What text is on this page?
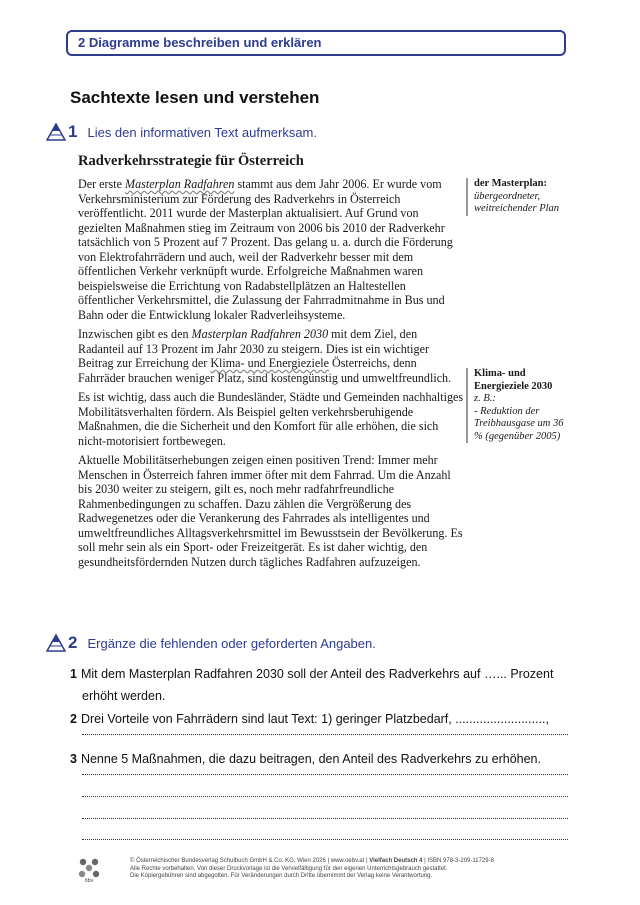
2 Diagramme beschreiben und erklären
Sachtexte lesen und verstehen
1 Lies den informativen Text aufmerksam.
Radverkehrsstrategie für Österreich

Der erste Masterplan Radfahren stammt aus dem Jahr 2006. Er wurde vom Verkehrsministerium zur Förderung des Radverkehrs in Österreich veröffentlicht. 2011 wurde der Masterplan aktualisiert. Auf Grund von gezielten Maßnahmen stieg im Zeitraum von 2006 bis 2010 der Radverkehr tatsächlich von 5 Prozent auf 7 Prozent. Das gelang u. a. durch die Förderung von Elektrofahrrädern und auch, weil der Radverkehr besser mit dem öffentlichen Verkehr verknüpft wurde. Erfolgreiche Maßnahmen waren beispielsweise die Errichtung von Radabstellplätzen an Haltestellen öffentlicher Verkehrsmittel, die Zulassung der Fahrradmitnahme in Bus und Bahn oder die Entwicklung lokaler Radverleihsysteme.

Inzwischen gibt es den Masterplan Radfahren 2030 mit dem Ziel, den Radanteil auf 13 Prozent im Jahr 2030 zu steigern. Dies ist ein wichtiger Beitrag zur Erreichung der Klima- und Energieziele Österreichs, denn Fahrräder brauchen weniger Platz, sind kostengünstig und umweltfreundlich.

Es ist wichtig, dass auch die Bundesländer, Städte und Gemeinden nachhaltiges Mobilitätsverhalten fördern. Als Beispiel gelten verkehrsberuhigende Maßnahmen, die die Sicherheit und den Komfort für alle erhöhen, die sich nicht-motorisiert fortbewegen.

Aktuelle Mobilitätserhebungen zeigen einen positiven Trend: Immer mehr Menschen in Österreich fahren immer öfter mit dem Fahrrad. Um die Anzahl bis 2030 weiter zu steigern, gilt es, noch mehr radfahrfreundliche Rahmenbedingungen zu schaffen. Dazu zählen die Vergrößerung des Radwegenetzes oder die Verankerung des Fahrrades als intelligentes und umweltfreundliches Alltagsverkehrsmittel im Bewusstsein der Bevölkerung. Es soll mehr sein als ein Sport- oder Freizeitgerät. Es ist daher wichtig, den gesundheitsfördernden Nutzen durch tägliches Radfahren aufzuzeigen.

der Masterplan:
übergeordneter, weitreichender Plan
Klima- und Energieziele 2030
z. B.:
- Reduktion der Treibhausgase um 36 % (gegenüber 2005)
2 Ergänze die fehlenden oder geforderten Angaben.
1 Mit dem Masterplan Radfahren 2030 soll der Anteil des Radverkehrs auf …... Prozent
erhöht werden.
2 Drei Vorteile von Fahrrädern sind laut Text: 1) geringer Platzbedarf, ..........................,
3 Nenne 5 Maßnahmen, die dazu beitragen, den Anteil des Radverkehrs zu erhöhen.
öbv
© Österreichischer Bundesverlag Schulbuch GmbH & Co. KG, Wien 2026 | www.oebv.at | Vielfach Deutsch 4 | ISBN 978-3-209-11729-8
Alle Rechte vorbehalten. Von dieser Druckvorlage ist die Vervielfältigung für den eigenen Unterrichtsgebrauch gestattet.
Die Kopiergebühren sind abgegolten. Für Veränderungen durch Dritte übernimmt der Verlag keine Verantwortung.
